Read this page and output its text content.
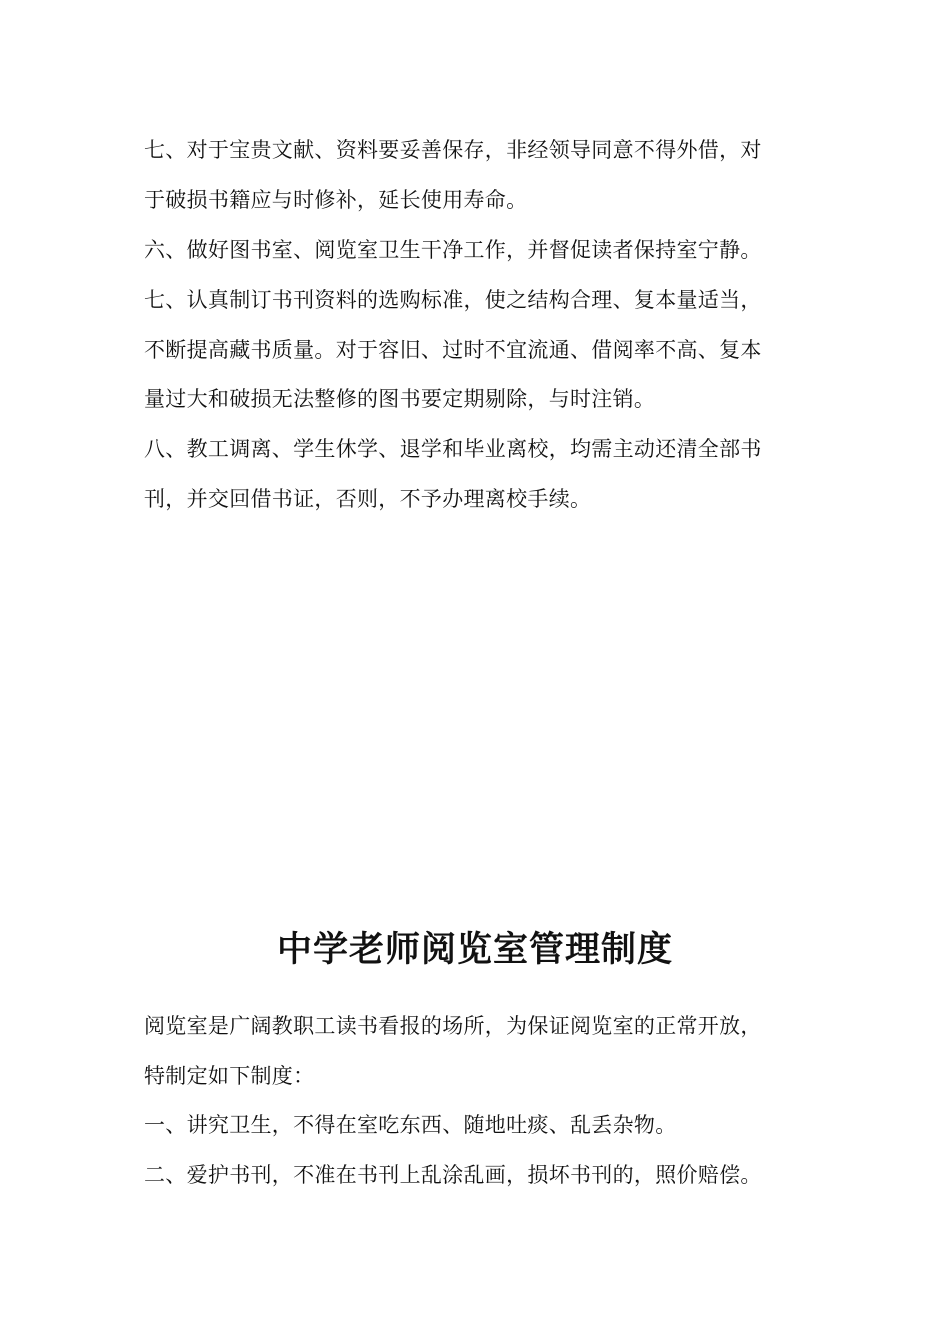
七、对于宝贵文献、资料要妥善保存，非经领导同意不得外借，对
于破损书籍应与时修补，延长使用寿命。
六、做好图书室、阅览室卫生干净工作，并督促读者保持室宁静。
七、认真制订书刊资料的选购标准，使之结构合理、复本量适当，
不断提高藏书质量。对于容旧、过时不宜流通、借阅率不高、复本
量过大和破损无法整修的图书要定期剔除，与时注销。
八、教工调离、学生休学、退学和毕业离校，均需主动还清全部书
刊，并交回借书证，否则，不予办理离校手续。
中学老师阅览室管理制度
阅览室是广阔教职工读书看报的场所，为保证阅览室的正常开放，
特制定如下制度：
一、讲究卫生，不得在室吃东西、随地吐痰、乱丢杂物。
二、爱护书刊，不准在书刊上乱涂乱画，损坏书刊的，照价赔偿。
